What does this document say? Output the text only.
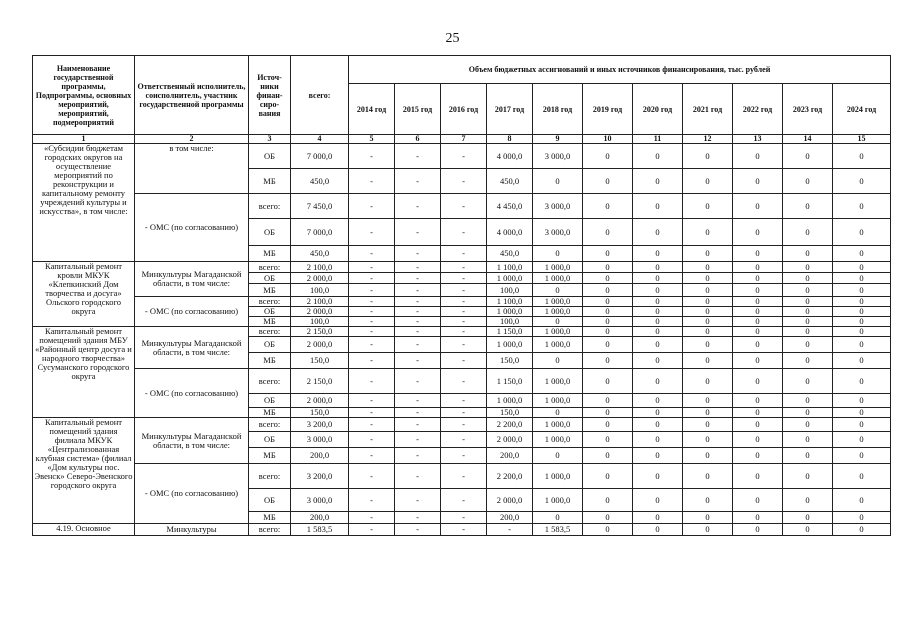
25
Наименование государственной программы, Подпрограммы, основных мероприятий, мероприятий, подмероприятий	Ответственный исполнитель, соисполнитель, участник государственной программы	Источ-ники финан-сиро-вания	всего:	Объем бюджетных ассигнований и иных источников финансирования, тыс. рублей										
				2014 год	2015 год	2016 год	2017 год	2018 год	2019 год	2020 год	2021 год	2022 год	2023 год	2024 год
1	2	3	4	5	6	7	8	9	10	11	12	13	14	15
«Субсидии бюджетам городских округов на осуществление мероприятий по реконструкции и капитальному ремонту учреждений культуры и искусства», в том числе:	в том числе:	ОБ	7 000,0	-	-	-	4 000,0	3 000,0	0	0	0	0	0	0
		МБ	450,0	-	-	-	450,0	0	0	0	0	0	0	0
	- ОМС (по согласованию)	всего:	7 450,0	-	-	-	4 450,0	3 000,0	0	0	0	0	0	0
		ОБ	7 000,0	-	-	-	4 000,0	3 000,0	0	0	0	0	0	0
		МБ	450,0	-	-	-	450,0	0	0	0	0	0	0	0
Капитальный ремонт кровли МКУК «Клепкинский Дом творчества и досуга» Ольского городского округа	Минкультуры Магаданской области, в том числе:	всего:	2 100,0	-	-	-	1 100,0	1 000,0	0	0	0	0	0	0
		ОБ	2 000,0	-	-	-	1 000,0	1 000,0	0	0	0	0	0	0
		МБ	100,0	-	-	-	100,0	0	0	0	0	0	0	0
	- ОМС (по согласованию)	всего:	2 100,0	-	-	-	1 100,0	1 000,0	0	0	0	0	0	0
		ОБ	2 000,0	-	-	-	1 000,0	1 000,0	0	0	0	0	0	0
		МБ	100,0	-	-	-	100,0	0	0	0	0	0	0	0
Капитальный ремонт помещений здания МБУ «Районный центр досуга и народного творчества» Сусуманского городского округа	Минкультуры Магаданской области, в том числе:	всего:	2 150,0	-	-	-	1 150,0	1 000,0	0	0	0	0	0	0
		ОБ	2 000,0	-	-	-	1 000,0	1 000,0	0	0	0	0	0	0
		МБ	150,0	-	-	-	150,0	0	0	0	0	0	0	0
	- ОМС (по согласованию)	всего:	2 150,0	-	-	-	1 150,0	1 000,0	0	0	0	0	0	0
		ОБ	2 000,0	-	-	-	1 000,0	1 000,0	0	0	0	0	0	0
		МБ	150,0	-	-	-	150,0	0	0	0	0	0	0	0
Капитальный ремонт помещений здания филиала МКУК «Централизованная клубная система» (филиал «Дом культуры пос. Эвенск» Северо-Эвенского городского округа	Минкультуры Магаданской области, в том числе:	всего:	3 200,0	-	-	-	2 200,0	1 000,0	0	0	0	0	0	0
		ОБ	3 000,0	-	-	-	2 000,0	1 000,0	0	0	0	0	0	0
		МБ	200,0	-	-	-	200,0	0	0	0	0	0	0	0
	- ОМС (по согласованию)	всего:	3 200,0	-	-	-	2 200,0	1 000,0	0	0	0	0	0	0
		ОБ	3 000,0	-	-	-	2 000,0	1 000,0	0	0	0	0	0	0
		МБ	200,0	-	-	-	200,0	0	0	0	0	0	0	0
4.19. Основное	Минкультуры	всего:	1 583,5	-	-	-	-	1 583,5	0	0	0	0	0	0
